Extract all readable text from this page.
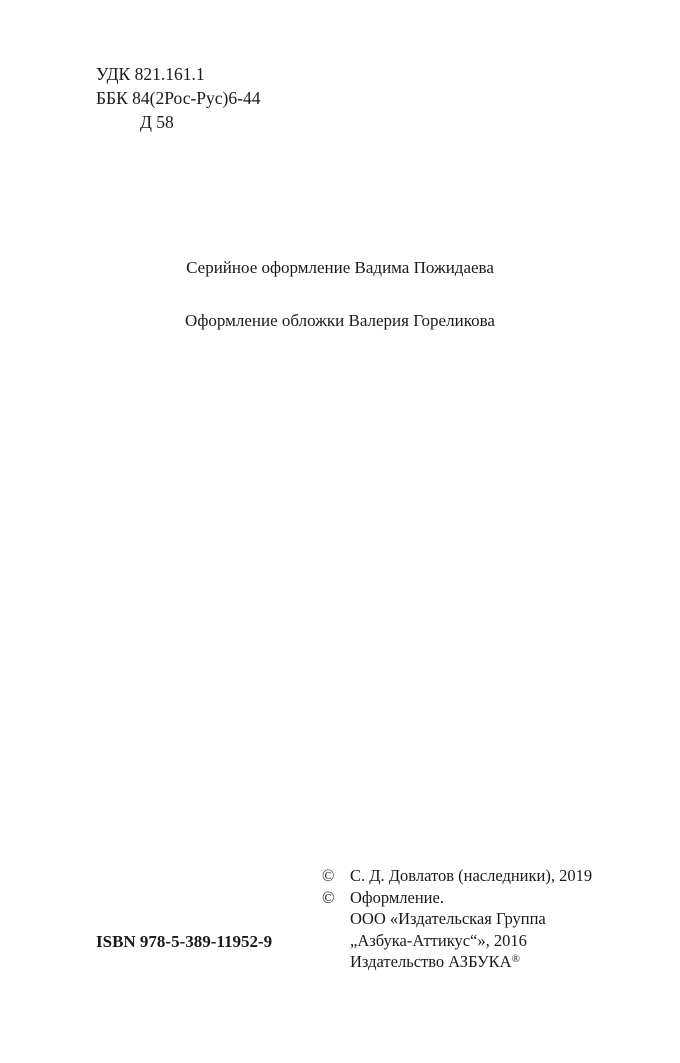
УДК 821.161.1
ББК 84(2Рос-Рус)6-44
Д 58
Серийное оформление Вадима Пожидаева
Оформление обложки Валерия Гореликова
© С. Д. Довлатов (наследники), 2019
© Оформление.
ООО «Издательская Группа
„Азбука-Аттикус“», 2016
Издательство АЗБУКА®
ISBN 978-5-389-11952-9
